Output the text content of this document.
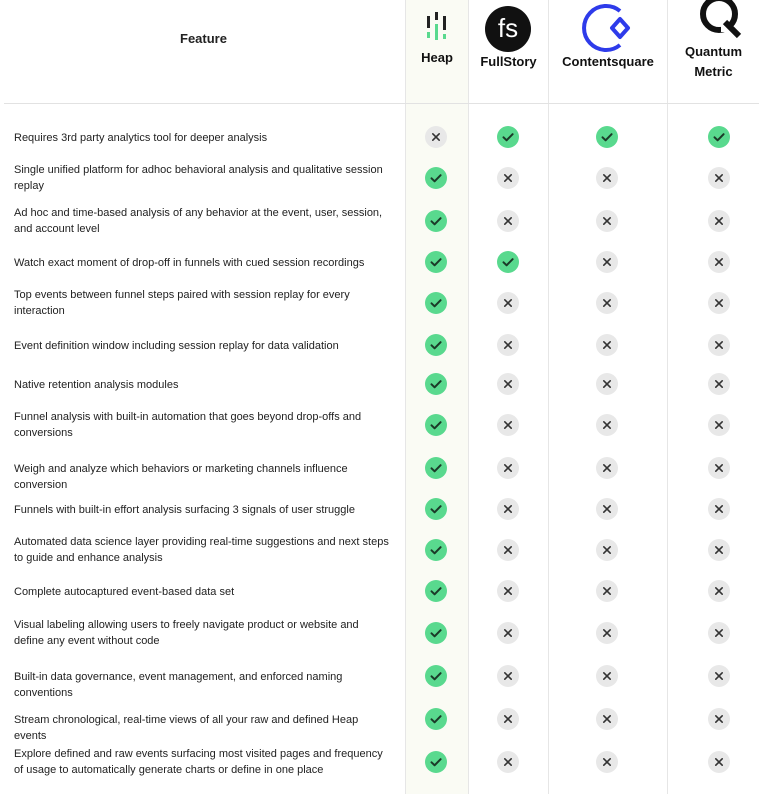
Feature
Heap
fs
FullStory	Contentsquare
Quantum
Metric
Requires 3rd party analytics tool for deeper analysis
Single unified platform for adhoc behavioral analysis and qualitative session replay
Ad hoc and time-based analysis of any behavior at the event, user, session, and account level
Watch exact moment of drop-off in funnels with cued session recordings
Top events between funnel steps paired with session replay for every interaction
Event definition window including session replay for data validation
Native retention analysis modules
Funnel analysis with built-in automation that goes beyond drop-offs and conversions
Weigh and analyze which behaviors or marketing channels influence conversion
Funnels with built-in effort analysis surfacing 3 signals of user struggle
Automated data science layer providing real-time suggestions and next steps to guide and enhance analysis
Complete autocaptured event-based data set
Visual labeling allowing users to freely navigate product or website and define any event without code
Built-in data governance, event management, and enforced naming conventions
Stream chronological, real-time views of all your raw and defined Heap events
Explore defined and raw events surfacing most visited pages and frequency of usage to automatically generate charts or define in one place
